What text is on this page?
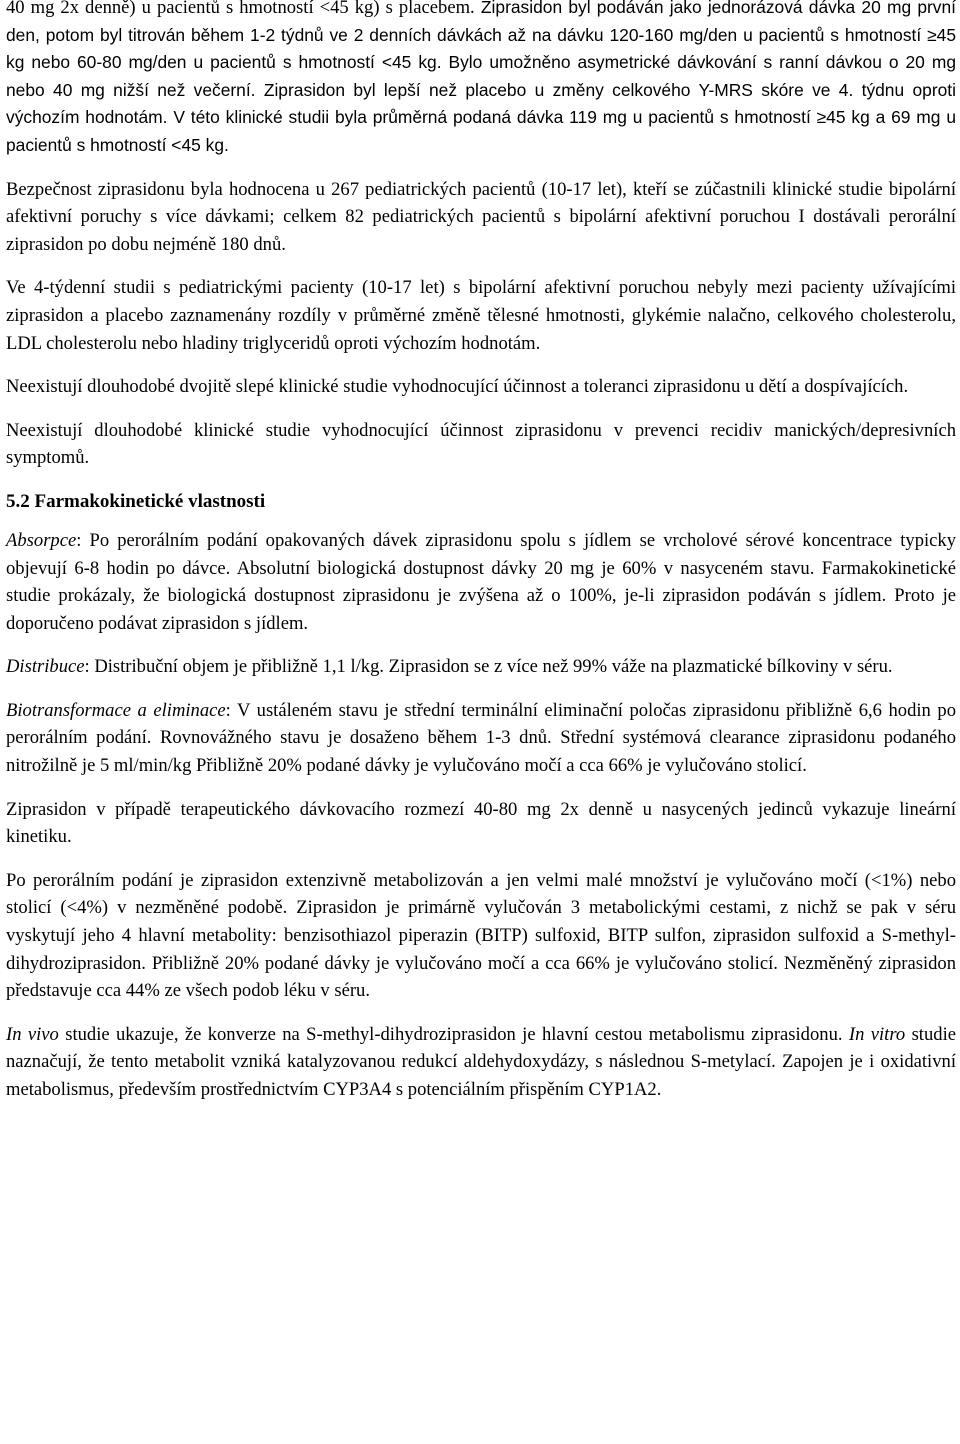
40 mg 2x denně) u pacientů s hmotností <45 kg) s placebem. Ziprasidon byl podáván jako jednorázová dávka 20 mg první den, potom byl titrován během 1-2 týdnů ve 2 denních dávkách až na dávku 120-160 mg/den u pacientů s hmotností ≥45 kg nebo 60-80 mg/den u pacientů s hmotností <45 kg. Bylo umožněno asymetrické dávkování s ranní dávkou o 20 mg nebo 40 mg nižší než večerní. Ziprasidon byl lepší než placebo u změny celkového Y-MRS skóre ve 4. týdnu oproti výchozím hodnotám. V této klinické studii byla průměrná podaná dávka 119 mg u pacientů s hmotností ≥45 kg a 69 mg u pacientů s hmotností <45 kg.

Bezpečnost ziprasidonu byla hodnocena u 267 pediatrických pacientů (10-17 let), kteří se zúčastnili klinické studie bipolární afektivní poruchy s více dávkami; celkem 82 pediatrických pacientů s bipolární afektivní poruchou I dostávali perorální ziprasidon po dobu nejméně 180 dnů.

Ve 4-týdenní studii s pediatrickými pacienty (10-17 let) s bipolární afektivní poruchou nebyly mezi pacienty užívajícími ziprasidon a placebo zaznamenány rozdíly v průměrné změně tělesné hmotnosti, glykémie nalačno, celkového cholesterolu, LDL cholesterolu nebo hladiny triglyceridů oproti výchozím hodnotám.

Neexistují dlouhodobé dvojitě slepé klinické studie vyhodnocující účinnost a toleranci ziprasidonu u dětí a dospívajících.

Neexistují dlouhodobé klinické studie vyhodnocující účinnost ziprasidonu v prevenci recidiv manických/depresivních symptomů.

5.2 Farmakokinetické vlastnosti

Absorpce: Po perorálním podání opakovaných dávek ziprasidonu spolu s jídlem se vrcholové sérové koncentrace typicky objevují 6-8 hodin po dávce. Absolutní biologická dostupnost dávky 20 mg je 60% v nasyceném stavu. Farmakokinetické studie prokázaly, že biologická dostupnost ziprasidonu je zvýšena až o 100%, je-li ziprasidon podáván s jídlem. Proto je doporučeno podávat ziprasidon s jídlem.

Distribuce: Distribuční objem je přibližně 1,1 l/kg. Ziprasidon se z více než 99% váže na plazmatické bílkoviny v séru.

Biotransformace a eliminace: V ustáleném stavu je střední terminální eliminační poločas ziprasidonu přibližně 6,6 hodin po perorálním podání. Rovnovážného stavu je dosaženo během 1-3 dnů. Střední systémová clearance ziprasidonu podaného nitrožilně je 5 ml/min/kg Přibližně 20% podané dávky je vylučováno močí a cca 66% je vylučováno stolicí.

Ziprasidon v případě terapeutického dávkovacího rozmezí 40-80 mg 2x denně u nasycených jedinců vykazuje lineární kinetiku.

Po perorálním podání je ziprasidon extenzivně metabolizován a jen velmi malé množství je vylučováno močí (<1%) nebo stolicí (<4%) v nezměněné podobě. Ziprasidon je primárně vylučován 3 metabolickými cestami, z nichž se pak v séru vyskytují jeho 4 hlavní metabolity: benzisothiazol piperazin (BITP) sulfoxid, BITP sulfon, ziprasidon sulfoxid a S-methyl-dihydroziprasidon. Přibližně 20% podané dávky je vylučováno močí a cca 66% je vylučováno stolicí. Nezměněný ziprasidon představuje cca 44% ze všech podob léku v séru.

In vivo studie ukazuje, že konverze na S-methyl-dihydroziprasidon je hlavní cestou metabolismu ziprasidonu. In vitro studie naznačují, že tento metabolit vzniká katalyzovanou redukcí aldehydoxydázy, s následnou S-metylací. Zapojen je i oxidativní metabolismus, především prostřednictvím CYP3A4 s potenciálním přispěním CYP1A2.
